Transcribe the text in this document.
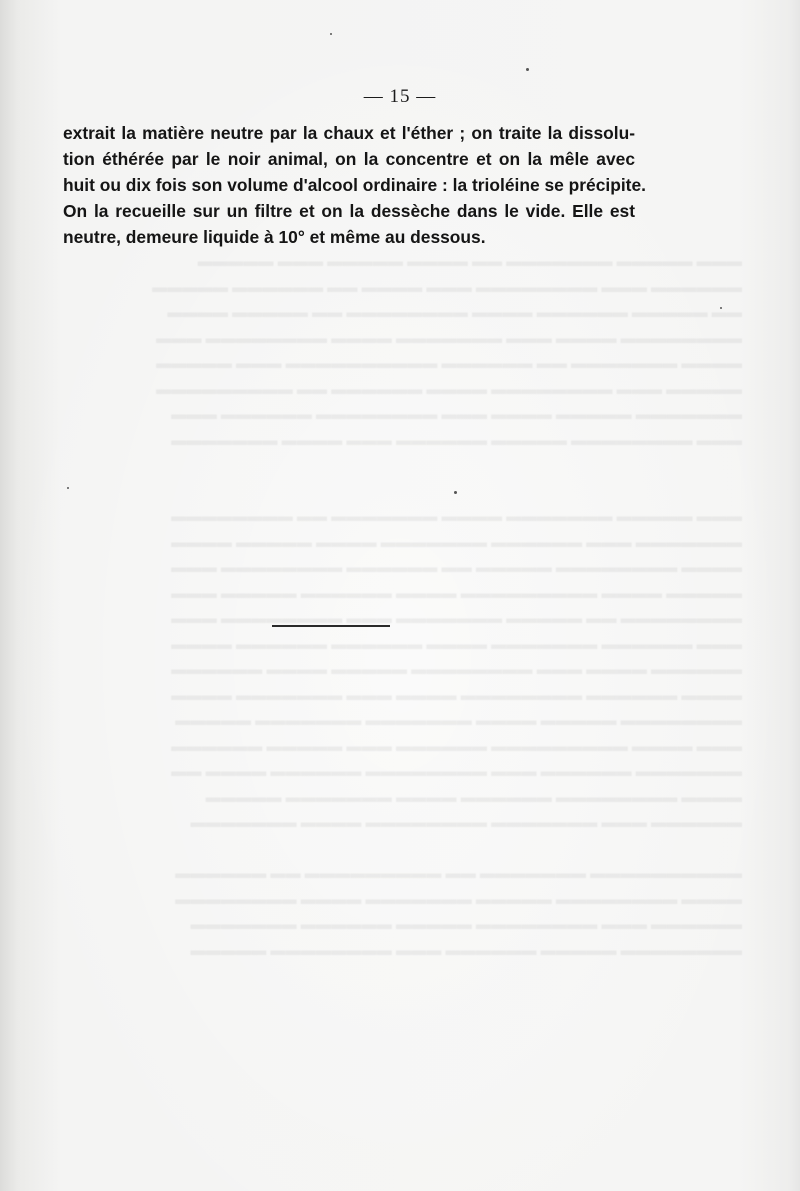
▬▬▬ ▬▬▬▬▬ ▬▬▬▬▬▬▬ ▬▬ ▬▬▬▬ ▬▬▬▬▬ ▬▬▬ ▬▬▬▬▬
▬▬▬▬▬▬ ▬▬▬ ▬▬▬▬▬▬▬▬ ▬▬▬ ▬▬▬▬ ▬▬ ▬▬▬▬▬▬ ▬▬▬▬▬
▬▬ ▬▬▬▬▬ ▬▬▬▬▬▬ ▬▬▬▬ ▬▬▬▬▬▬▬▬ ▬▬ ▬▬▬▬▬ ▬▬▬▬
▬▬▬▬▬▬▬▬ ▬▬▬▬ ▬▬▬ ▬▬▬▬▬▬▬ ▬▬▬▬ ▬▬▬▬▬▬▬▬ ▬▬▬
▬▬▬▬ ▬▬▬▬▬▬▬ ▬▬ ▬▬▬▬▬▬ ▬▬▬▬▬▬▬▬▬▬ ▬▬▬ ▬▬▬▬▬
▬▬▬▬▬ ▬▬▬ ▬▬▬▬▬▬▬▬ ▬▬▬▬ ▬▬▬▬▬▬ ▬▬ ▬▬▬▬▬▬▬▬▬
▬▬▬▬▬▬▬ ▬▬▬▬▬ ▬▬▬▬ ▬▬▬ ▬▬▬▬▬▬▬▬ ▬▬▬▬▬▬ ▬▬▬
▬▬▬ ▬▬▬▬▬▬▬▬ ▬▬▬▬▬ ▬▬▬▬▬▬ ▬▬▬ ▬▬▬▬ ▬▬▬▬▬▬▬

▬▬▬ ▬▬▬▬▬ ▬▬▬▬▬▬▬ ▬▬▬▬ ▬▬▬▬▬▬▬ ▬▬ ▬▬▬▬▬▬▬▬
▬▬▬▬▬▬▬ ▬▬▬ ▬▬▬▬▬▬ ▬▬▬▬▬▬▬ ▬▬▬▬ ▬▬▬▬▬ ▬▬▬▬
▬▬▬▬ ▬▬▬▬▬▬▬▬ ▬▬▬▬▬ ▬▬ ▬▬▬▬▬▬ ▬▬▬▬▬▬▬▬ ▬▬▬
▬▬▬▬▬ ▬▬▬▬ ▬▬▬▬▬▬▬▬▬ ▬▬▬▬ ▬▬▬▬▬▬ ▬▬▬▬▬ ▬▬▬
▬▬▬▬▬▬▬▬ ▬▬ ▬▬▬▬▬ ▬▬▬▬▬▬▬ ▬▬▬ ▬▬▬▬▬▬▬▬ ▬▬▬
▬▬▬ ▬▬▬▬▬▬ ▬▬▬▬▬▬▬ ▬▬▬▬ ▬▬▬▬▬▬ ▬▬▬▬▬▬ ▬▬▬▬
▬▬▬▬▬▬ ▬▬▬▬ ▬▬▬ ▬▬▬▬▬▬▬▬ ▬▬▬▬▬ ▬▬▬▬ ▬▬▬▬▬▬
▬▬▬▬ ▬▬▬▬▬▬ ▬▬▬▬▬▬▬▬ ▬▬▬▬ ▬▬▬ ▬▬▬▬▬▬▬ ▬▬▬▬
▬▬▬▬▬▬▬▬ ▬▬▬▬▬ ▬▬▬▬ ▬▬▬▬▬▬▬ ▬▬▬▬▬▬▬ ▬▬▬▬▬
▬▬▬ ▬▬▬▬ ▬▬▬▬▬▬▬▬▬ ▬▬▬▬▬▬ ▬▬▬ ▬▬▬▬▬ ▬▬▬▬▬▬
▬▬▬▬▬▬▬ ▬▬▬▬▬▬ ▬▬▬ ▬▬▬▬▬▬▬▬ ▬▬▬▬▬▬ ▬▬▬▬ ▬▬
▬▬▬▬ ▬▬▬▬▬▬▬▬ ▬▬▬▬▬▬ ▬▬▬▬ ▬▬▬▬▬▬▬ ▬▬▬▬▬
▬▬▬▬▬▬ ▬▬▬ ▬▬▬▬▬▬▬ ▬▬▬▬▬▬▬▬ ▬▬▬▬ ▬▬▬▬▬▬▬

▬▬▬▬▬▬▬▬▬▬ ▬▬▬▬▬▬▬ ▬▬ ▬▬▬▬▬▬▬▬▬ ▬▬ ▬▬▬▬▬▬
▬▬▬▬ ▬▬▬▬▬▬▬▬ ▬▬▬▬▬ ▬▬▬▬▬▬▬ ▬▬▬▬ ▬▬▬▬▬▬▬▬
▬▬▬▬▬▬ ▬▬▬ ▬▬▬▬▬▬▬▬ ▬▬▬▬▬ ▬▬▬▬▬▬ ▬▬▬▬▬▬▬
▬▬▬▬▬▬▬▬ ▬▬▬▬▬ ▬▬▬▬▬▬ ▬▬▬ ▬▬▬▬▬▬▬▬ ▬▬▬▬▬
— 15 —
extrait la matière neutre par la chaux et l'éther ; on traite la dissolu-
tion éthérée par le noir animal, on la concentre et on la mêle avec
huit ou dix fois son volume d'alcool ordinaire : la trioléine se précipite.
On la recueille sur un filtre et on la dessèche dans le vide. Elle est
neutre, demeure liquide à 10° et même au dessous.
